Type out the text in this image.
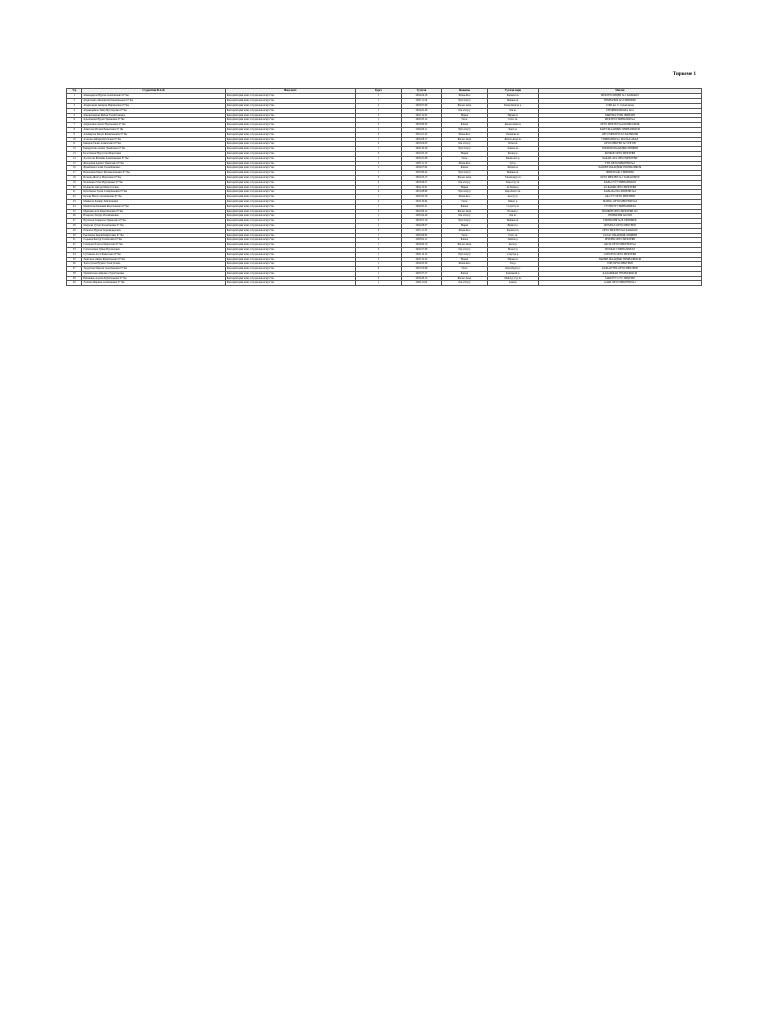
Тиркеме 1
Т/р	Студенттин Ф.А.Ж	Факультет	Курсу	Туулган	Жынысы	Туулган жери	Мектеп
1	Абыкадыров Нурлан Асилбекович 07 Чы	Консерватория жана эстрадалык искусство	1	2004.04.16	Ысык-Көл	Каракол ш.	МЕКТЕП ЛИЦЕЙ № 1 КАРАКОЛ
2	Абдиллаева Айгерим Кубанычбековна 07 Чы	Консерватория жана эстрадалык искусство	1	2005.11.20	Чүй облусу	Бишкек ш.	ГИМНАЗИЯ №5 Г.БИШКЕК
3	Абдразакова Айзирек Мирлановна 07 Чы	Консерватория жана эстрадалык искусство	2	2003.07.09	Жалал-Абад	Базар-Коргон р.	СОШ им. Т. Сатылганова
4	Абдыкеримов Эмир Мухтарович 07 Чы	Консерватория жана эстрадалык искусство	1	2004.02.28	Ош облусу	Ош ш.	СРЕДНЯЯ ШКОЛА №12
5	Абылкасымова Жибек Талантбековна	Консерватория жана эстрадалык искусство	3	2002.12.05	Нарын	Нарын ш.	КЫРГЫЗ-ТҮРК ЛИЦЕЙИ
6	Адылбекова Нурай Эрмековна 07 Чы	Консерватория жана эстрадалык искусство	1	2005.03.14	Талас	Талас ш.	МЕКТЕП ГИМНАЗИЯ №2
7	Айдарбеков Арген Нурланович 07 Чы	Консерватория жана эстрадалык искусство	2	2003.09.30	Баткен	Кызыл-Кыя ш.	ОРТО МЕКТЕП №4 КЫЗЫЛ-КЫЯ
8	Акматова Мээрим Бакытовна 07 Чы	Консерватория жана эстрадалык искусство	1	2004.06.11	Чүй облусу	Кант ш.	КАНТ ШААРДЫК ГИМНАЗИЯСЫ
9	Алымкулов Бекзат Жаныбекович 07 Чы	Консерватория жана эстрадалык искусство	4	2001.01.22	Ысык-Көл	Балыкчы ш.	ОРТО МЕКТЕП №3 БАЛЫКЧЫ
10	Асанова Айпери Кубатовна 07 Чы	Консерватория жана эстрадалык искусство	1	2005.08.17	Жалал-Абад	Жалал-Абад ш.	ГИМНАЗИЯ №1 ЖАЛАЛ-АБАД
11	Бакиров Тилек Азаматович 07 Чы	Консерватория жана эстрадалык искусство	2	2003.04.03	Ош облусу	Өзгөн ш.	ОРТО МЕКТЕП №7 ӨЗГӨН
12	Бекмуратова Алина Эркиновна 07 Чы	Консерватория жана эстрадалык искусство	1	2004.10.26	Чүй облусу	Токмок ш.	ТОКМОК ШААРДЫК ЛИЦЕЙИ
13	Болотбеков Нурсултан Маратович	Консерватория жана эстрадалык искусство	3	2002.05.19	Нарын	Кочкор р.	КОЧКОР ОРТО МЕКТЕБИ
14	Доолотова Бегимай Алмазбековна 07 Чы	Консерватория жана эстрадалык искусство	1	2005.01.08	Талас	Бакай-Ата р.	БАКАЙ-АТА ОРТО МЕКТЕБИ
15	Жолдошев Адилет Урматович 07 Чы	Консерватория жана эстрадалык искусство	2	2003.11.13	Ысык-Көл	Түп р.	ТҮП ОРТО МЕКТЕБИ №2
16	Жумабаева Сезим Таалайбековна	Консерватория жана эстрадалык искусство	1	2004.07.02	Баткен	Баткен ш.	БАТКЕН ШААРДЫК ГИМНАЗИЯСЫ
17	Иманалиев Бакыт Кубанычбекович 07 Чы	Консерватория жана эстрадалык искусство	1	2005.09.24	Чүй облусу	Бишкек ш.	ЛИЦЕЙ №61 Г.БИШКЕК
18	Исакова Жазгүл Маратовна 07 Чы	Консерватория жана эстрадалык искусство	3	2002.03.15	Жалал-Абад	Таш-Көмүр ш.	ОРТО МЕКТЕП №1 ТАШ-КӨМҮР
19	Калыбеков Улан Нурбекович 07 Чы	Консерватория жана эстрадалык искусство	2	2003.06.27	Ош облусу	Кара-Суу ш.	КАРА-СУУ ГИМНАЗИЯСЫ
20	Кадырова Айзада Бекболотовна	Консерватория жана эстрадалык искусство	1	2004.12.01	Нарын	Ат-Башы р.	АТ-БАШЫ ОРТО МЕКТЕБИ
21	Кубатбеков Эрлан Самарбекович 07 Чы	Консерватория жана эстрадалык искусство	4	2001.08.09	Чүй облусу	Кара-Балта ш.	КАРА-БАЛТА ЛИЦЕЙИ №4
22	Кулова Назгүл Асанбековна 07 Чы	Консерватория жана эстрадалык искусство	1	2005.02.18	Ысык-Көл	Ак-Суу р.	АК-СУУ ОРТО МЕКТЕБИ
23	Мамытов Данияр Эмилбекович	Консерватория жана эстрадалык искусство	2	2003.10.04	Талас	Манас р.	МАНАС ОРТО МЕКТЕБИ №3
24	Мамбетова Каныкей Жоробековна 07 Чы	Консерватория жана эстрадалык искусство	1	2004.05.21	Баткен	Сүлүктү ш.	СҮЛҮКТҮ ГИМНАЗИЯСЫ
25	Мукашев Азат Бакытбекович 07 Чы	Консерватория жана эстрадалык искусство	3	2002.09.12	Жалал-Абад	Ноокен р.	НООКЕН ОРТО МЕКТЕБИ №5
26	Назарова Элнура Исламбековна	Консерватория жана эстрадалык искусство	1	2005.04.29	Ош облусу	Ош ш.	ГИМНАЗИЯ №9 ОШ
27	Нурланов Темирлан Эркинович 07 Чы	Консерватория жана эстрадалык искусство	2	2003.01.16	Чүй облусу	Бишкек ш.	ГИМНАЗИЯ №29 Г.БИШКЕК
28	Омурова Гулзат Калыбековна 07 Чы	Консерватория жана эстрадалык искусство	1	2004.08.07	Нарын	Жумгал р.	ЖУМГАЛ ОРТО МЕКТЕБИ
29	Осмонов Нурбек Абдыкадырович	Консерватория жана эстрадалык искусство	4	2001.11.25	Ысык-Көл	Каракол ш.	ОРТО МЕКТЕП №6 КАРАКОЛ
30	Рысбекова Айдай Кайратовна 07 Чы	Консерватория жана эстрадалык искусство	1	2005.06.03	Талас	Талас ш.	ТАЛАС ШААРДЫК ЛИЦЕЙИ
31	Садыков Бектур Талантович 07 Чы	Консерватория жана эстрадалык искусство	2	2003.02.11	Баткен	Лейлек р.	ЛЕЙЛЕК ОРТО МЕКТЕБИ
32	Сапарова Чолпон Маратовна 07 Чы	Консерватория жана эстрадалык искусство	1	2004.09.19	Жалал-Абад	Аксы р.	АКСЫ ОРТО МЕКТЕБИ №2
33	Сатыбалдиев Эрмек Нурланович	Консерватория жана эстрадалык искусство	3	2002.07.08	Ош облусу	Ноокат р.	НООКАТ ГИМНАЗИЯСЫ
34	Султанова Асел Бакытовна 07 Чы	Консерватория жана эстрадалык искусство	1	2005.10.14	Чүй облусу	Сокулук р.	СОКУЛУК ОРТО МЕКТЕБИ
35	Таштанов Айбек Жумабекович 07 Чы	Консерватория жана эстрадалык искусство	2	2003.12.22	Нарын	Нарын ш.	НАРЫН ШААРДЫК ГИМНАЗИЯСЫ
36	Токтогулова Нуриза Эсенгуловна	Консерватория жана эстрадалык искусство	1	2004.03.30	Ысык-Көл	Тоң р.	ТОҢ ОРТО МЕКТЕБИ
37	Турдубаев Мирлан Асылбекович 07 Чы	Консерватория жана эстрадалык искусство	4	2001.05.06	Талас	Кара-Буура р.	КАРА-БУУРА ОРТО МЕКТЕБИ
38	Урманбетова Айжамал Туратбековна	Консерватория жана эстрадалык искусство	1	2005.07.27	Баткен	Кадамжай р.	КАДАМЖАЙ ГИМНАЗИЯСЫ
39	Шамшиев Адахан Кубатбекович 07 Чы	Консерватория жана эстрадалык искусство	2	2003.08.13	Жалал-Абад	Майлуу-Суу ш.	МАЙЛУУ-СУУ ЛИЦЕЙИ
40	Эсенова Жаркын Асанбековна 07 Чы	Консерватория жана эстрадалык искусство	1	2004.11.02	Ош облусу	Алай р.	АЛАЙ ОРТО МЕКТЕБИ №1
